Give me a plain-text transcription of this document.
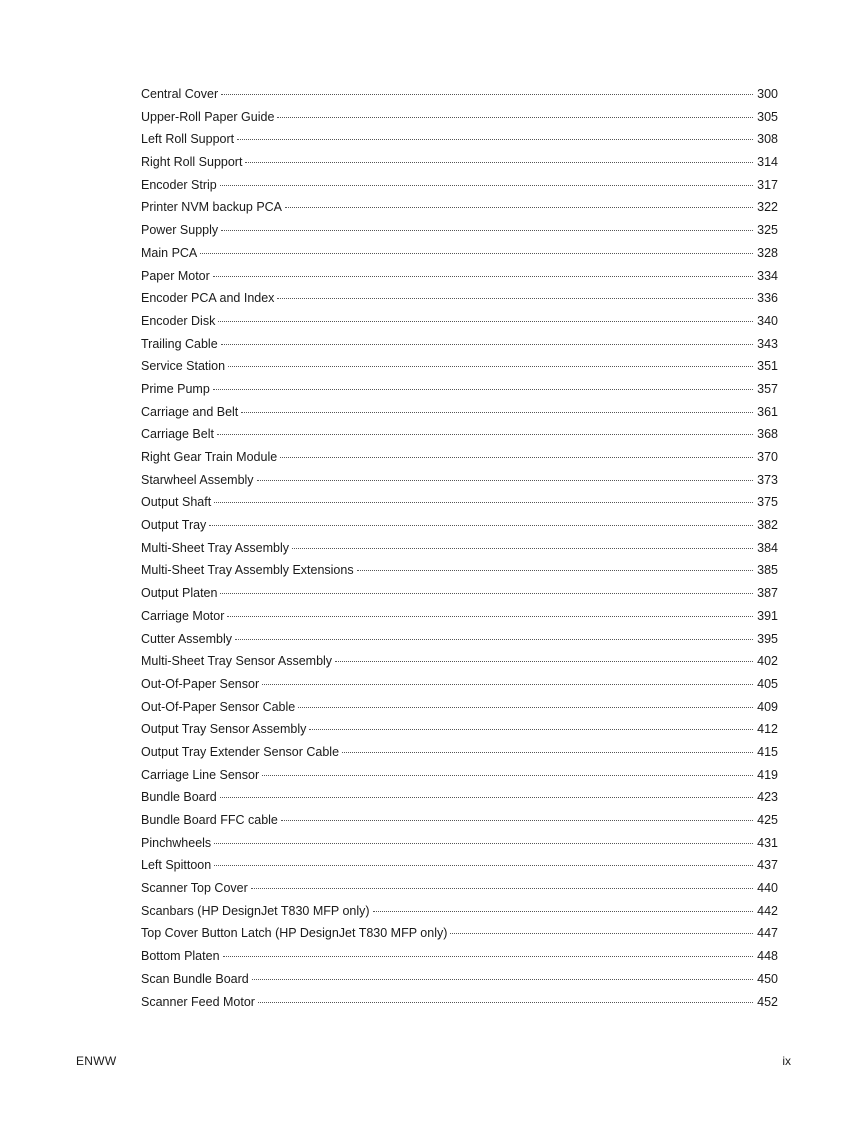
Central Cover	300
Upper-Roll Paper Guide	305
Left Roll Support	308
Right Roll Support	314
Encoder Strip	317
Printer NVM backup PCA	322
Power Supply	325
Main PCA	328
Paper Motor	334
Encoder PCA and Index	336
Encoder Disk	340
Trailing Cable	343
Service Station	351
Prime Pump	357
Carriage and Belt	361
Carriage Belt	368
Right Gear Train Module	370
Starwheel Assembly	373
Output Shaft	375
Output Tray	382
Multi-Sheet Tray Assembly	384
Multi-Sheet Tray Assembly Extensions	385
Output Platen	387
Carriage Motor	391
Cutter Assembly	395
Multi-Sheet Tray Sensor Assembly	402
Out-Of-Paper Sensor	405
Out-Of-Paper Sensor Cable	409
Output Tray Sensor Assembly	412
Output Tray Extender Sensor Cable	415
Carriage Line Sensor	419
Bundle Board	423
Bundle Board FFC cable	425
Pinchwheels	431
Left Spittoon	437
Scanner Top Cover	440
Scanbars (HP DesignJet T830 MFP only)	442
Top Cover Button Latch (HP DesignJet T830 MFP only)	447
Bottom Platen	448
Scan Bundle Board	450
Scanner Feed Motor	452
ENWW	ix
